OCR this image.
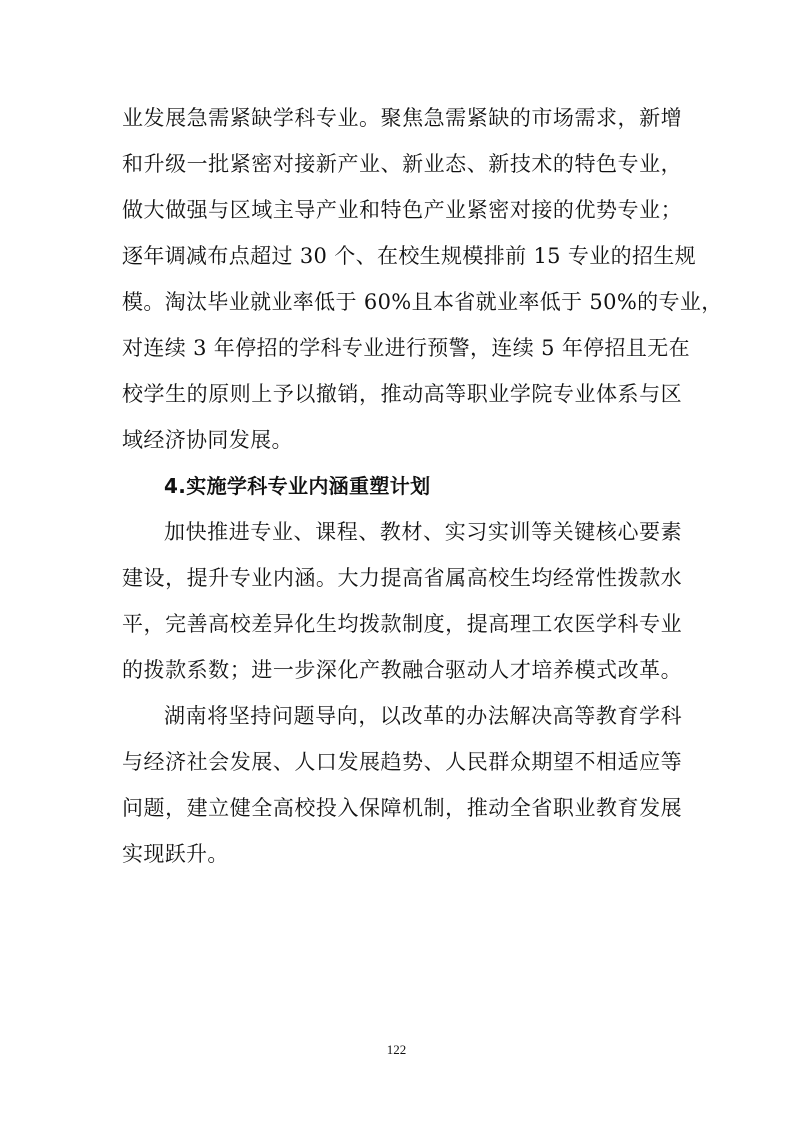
业发展急需紧缺学科专业。聚焦急需紧缺的市场需求，新增
和升级一批紧密对接新产业、新业态、新技术的特色专业，
做大做强与区域主导产业和特色产业紧密对接的优势专业；
逐年调减布点超过 30 个、在校生规模排前 15 专业的招生规
模。淘汰毕业就业率低于 60%且本省就业率低于 50%的专业，
对连续 3 年停招的学科专业进行预警，连续 5 年停招且无在
校学生的原则上予以撤销，推动高等职业学院专业体系与区
域经济协同发展。
4.实施学科专业内涵重塑计划
加快推进专业、课程、教材、实习实训等关键核心要素
建设，提升专业内涵。大力提高省属高校生均经常性拨款水
平，完善高校差异化生均拨款制度，提高理工农医学科专业
的拨款系数；进一步深化产教融合驱动人才培养模式改革。
湖南将坚持问题导向，以改革的办法解决高等教育学科
与经济社会发展、人口发展趋势、人民群众期望不相适应等
问题，建立健全高校投入保障机制，推动全省职业教育发展
实现跃升。
122
